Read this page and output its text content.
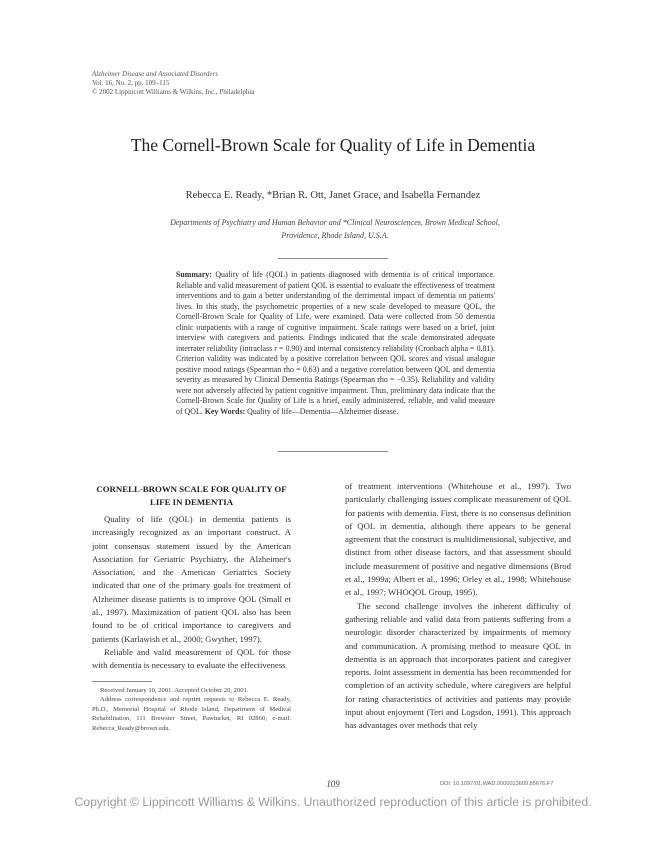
Alzheimer Disease and Associated Disorders
Vol. 16, No. 2, pp. 109–115
© 2002 Lippincott Williams & Wilkins, Inc., Philadelphia
The Cornell-Brown Scale for Quality of Life in Dementia
Rebecca E. Ready, *Brian R. Ott, Janet Grace, and Isabella Fernandez
Departments of Psychiatry and Human Behavior and *Clinical Neurosciences, Brown Medical School,
Providence, Rhode Island, U.S.A.
Summary: Quality of life (QOL) in patients diagnosed with dementia is of critical importance. Reliable and valid measurement of patient QOL is essential to evaluate the effectiveness of treatment interventions and to gain a better understanding of the detrimental impact of dementia on patients' lives. In this study, the psychometric properties of a new scale developed to measure QOL, the Cornell-Brown Scale for Quality of Life, were examined. Data were collected from 50 dementia clinic outpatients with a range of cognitive impairment. Scale ratings were based on a brief, joint interview with caregivers and patients. Findings indicated that the scale demonstrated adequate interrater reliability (intraclass r = 0.90) and internal consistency reliability (Cronbach alpha = 0.81). Criterion validity was indicated by a positive correlation between QOL scores and visual analogue positive mood ratings (Spearman rho = 0.63) and a negative correlation between QOL and dementia severity as measured by Clinical Dementia Ratings (Spearman rho = −0.35). Reliability and validity were not adversely affected by patient cognitive impairment. Thus, preliminary data indicate that the Cornell-Brown Scale for Quality of Life is a brief, easily administered, reliable, and valid measure of QOL. Key Words: Quality of life—Dementia—Alzheimer disease.
CORNELL-BROWN SCALE FOR QUALITY OF
LIFE IN DEMENTIA

Quality of life (QOL) in dementia patients is increasingly recognized as an important construct. A joint consensus statement issued by the American Association for Geriatric Psychiatry, the Alzheimer's Association, and the American Geriatrics Society indicated that one of the primary goals for treatment of Alzheimer disease patients is to improve QOL (Small et al., 1997). Maximization of patient QOL also has been found to be of critical importance to caregivers and patients (Karlawish et al., 2000; Gwyther, 1997).

Reliable and valid measurement of QOL for those with dementia is necessary to evaluate the effectiveness

of treatment interventions (Whitehouse et al., 1997). Two particularly challenging issues complicate measurement of QOL for patients with dementia. First, there is no consensus definition of QOL in dementia, although there appears to be general agreement that the construct is multidimensional, subjective, and distinct from other disease factors, and that assessment should include measurement of positive and negative dimensions (Brod et al., 1999a; Albert et al., 1996; Orley et al., 1998; Whitehouse et al., 1997; WHOQOL Group, 1995).

The second challenge involves the inherent difficulty of gathering reliable and valid data from patients suffering from a neurologic disorder characterized by impairments of memory and communication. A promising method to measure QOL in dementia is an approach that incorporates patient and caregiver reports. Joint assessment in dementia has been recommended for completion of an activity schedule, where caregivers are helpful for rating characteristics of activities and patients may provide input about enjoyment (Teri and Logsdon, 1991). This approach has advantages over methods that rely

Received January 10, 2001. Accepted October 20, 2001.

Address correspondence and reprint requests to Rebecca E. Ready, Ph.D., Memorial Hospital of Rhode Island, Department of Medical Rehabilitation, 111 Brewster Street, Pawtucket, RI 02860; e-mail: Rebecca_Ready@brown.edu.

109	DOI: 10.1097/01.WAD.0000013689.85676.F7
Copyright © Lippincott Williams & Wilkins. Unauthorized reproduction of this article is prohibited.
